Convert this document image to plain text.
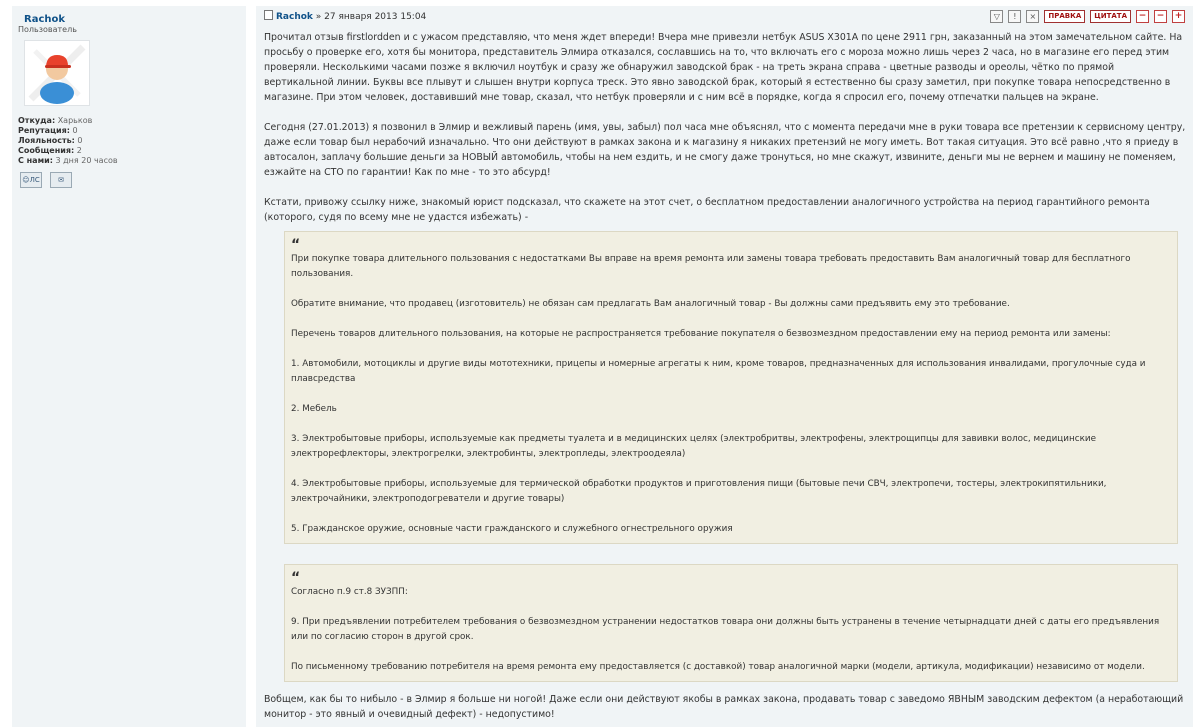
Rachok
Пользователь
Откуда: Харьков
Репутация: 0
Лояльность: 0
Сообщения: 2
С нами: 3 дня 20 часов
☺ ЛС	✉
Rachok » 27 января 2013 15:04	▽	!	×	ПРАВКА	ЦИТАТА	−	−	+

Прочитал отзыв firstlordden и с ужасом представляю, что меня ждет впереди! Вчера мне привезли нетбук ASUS X301A по цене 2911 грн, заказанный на этом замечательном сайте. На просьбу о проверке его, хотя бы монитора, представитель Элмира отказался, сославшись на то, что включать его с мороза можно лишь через 2 часа, но в магазине его перед этим проверяли. Несколькими часами позже я включил ноутбук и сразу же обнаружил заводской брак - на треть экрана справа - цветные разводы и ореолы, чётко по прямой вертикальной линии. Буквы все плывут и слышен внутри корпуса треск. Это явно заводской брак, который я естественно бы сразу заметил, при покупке товара непосредственно в магазине. При этом человек, доставивший мне товар, сказал, что нетбук проверяли и с ним всё в порядке, когда я спросил его, почему отпечатки пальцев на экране.

Сегодня (27.01.2013) я позвонил в Элмир и вежливый парень (имя, увы, забыл) пол часа мне объяснял, что с момента передачи мне в руки товара все претензии к сервисному центру, даже если товар был нерабочий изначально. Что они действуют в рамках закона и к магазину я никаких претензий не могу иметь. Вот такая ситуация. Это всё равно ,что я приеду в автосалон, заплачу большие деньги за НОВЫЙ автомобиль, чтобы на нем ездить, и не смогу даже тронуться, но мне скажут, извините, деньги мы не вернем и машину не поменяем, езжайте на СТО по гарантии! Как по мне - то это абсурд!

Кстати, привожу ссылку ниже, знакомый юрист подсказал, что скажете на этот счет, о бесплатном предоставлении аналогичного устройства на период гарантийного ремонта (которого, судя по всему мне не удастся избежать) -

“

При покупке товара длительного пользования с недостатками Вы вправе на время ремонта или замены товара требовать предоставить Вам аналогичный товар для бесплатного пользования.

Обратите внимание, что продавец (изготовитель) не обязан сам предлагать Вам аналогичный товар - Вы должны сами предъявить ему это требование.

Перечень товаров длительного пользования, на которые не распространяется требование покупателя о безвозмездном предоставлении ему на период ремонта или замены:

1. Автомобили, мотоциклы и другие виды мототехники, прицепы и номерные агрегаты к ним, кроме товаров, предназначенных для использования инвалидами, прогулочные суда и плавсредства

2. Мебель

3. Электробытовые приборы, используемые как предметы туалета и в медицинских целях (электробритвы, электрофены, электрощипцы для завивки волос, медицинские электрорефлекторы, электрогрелки, электробинты, электропледы, электроодеяла)

4. Электробытовые приборы, используемые для термической обработки продуктов и приготовления пищи (бытовые печи СВЧ, электропечи, тостеры, электрокипятильники, электрочайники, электроподогреватели и другие товары)

5. Гражданское оружие, основные части гражданского и служебного огнестрельного оружия

“

Согласно п.9 ст.8 ЗУЗПП:

9. При предъявлении потребителем требования о безвозмездном устранении недостатков товара они должны быть устранены в течение четырнадцати дней с даты его предъявления или по согласию сторон в другой срок.

По письменному требованию потребителя на время ремонта ему предоставляется (с доставкой) товар аналогичной марки (модели, артикула, модификации) независимо от модели.

Вобщем, как бы то нибыло - в Элмир я больше ни ногой! Даже если они действуют якобы в рамках закона, продавать товар с заведомо ЯВНЫМ заводским дефектом (а неработающий монитор - это явный и очевидный дефект) - недопустимо!
